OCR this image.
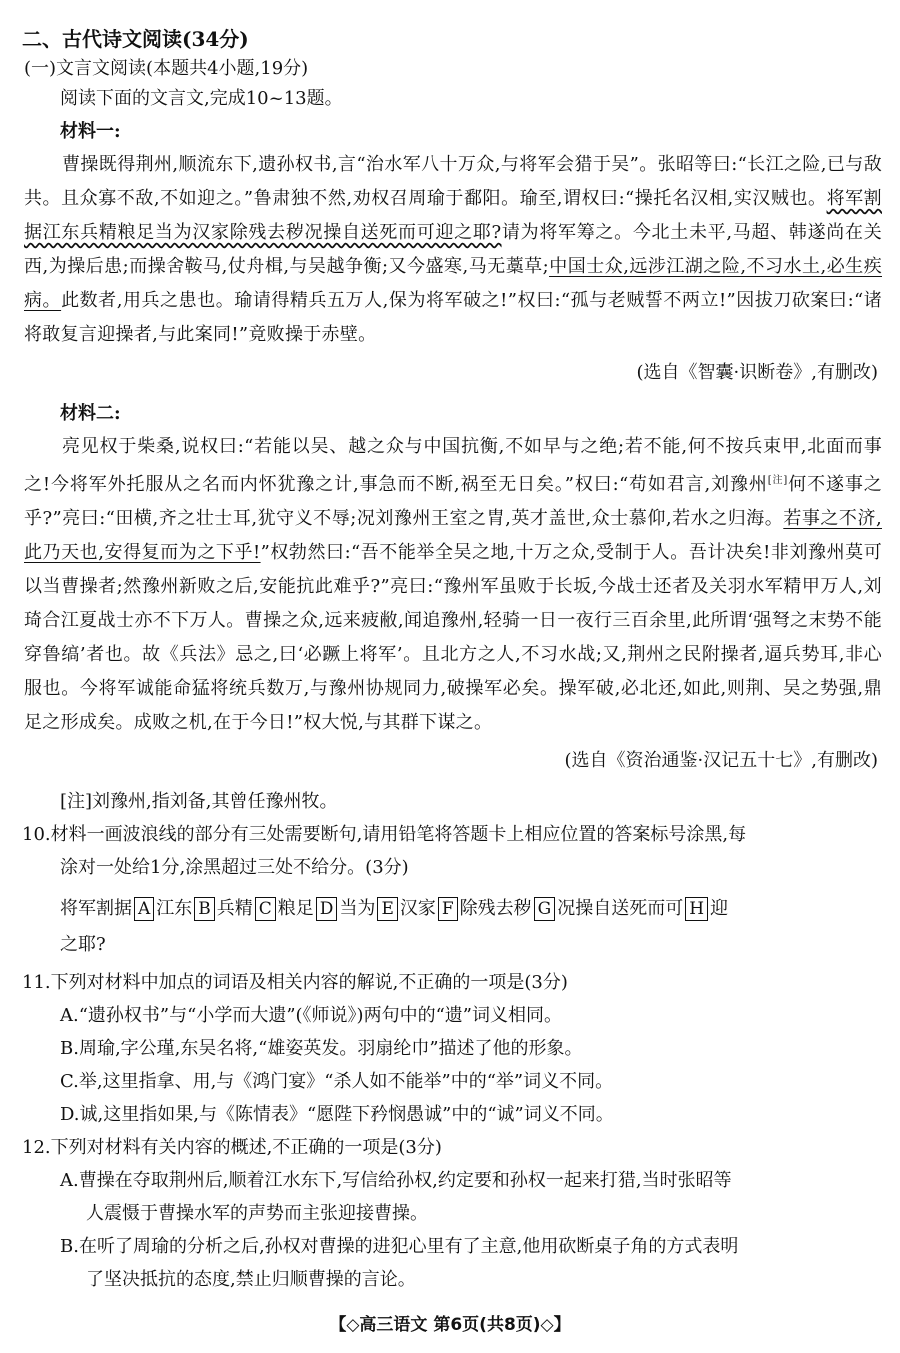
二、古代诗文阅读(34分)

(一)文言文阅读(本题共4小题,19分)

阅读下面的文言文,完成10~13题。

材料一:

曹操既得荆州,顺流东下,遗孙权书,言“治水军八十万众,与将军会猎于吴”。张昭等曰:“长江之险,已与敌共。且众寡不敌,不如迎之。”鲁肃独不然,劝权召周瑜于鄱阳。瑜至,谓权曰:“操托名汉相,实汉贼也。将军割据江东兵精粮足当为汉家除残去秽况操自送死而可迎之耶?请为将军筹之。今北土未平,马超、韩遂尚在关西,为操后患;而操舍鞍马,仗舟楫,与吴越争衡;又今盛寒,马无藁草;中国士众,远涉江湖之险,不习水土,必生疾病。此数者,用兵之患也。瑜请得精兵五万人,保为将军破之!”权曰:“孤与老贼誓不两立!”因拔刀砍案曰:“诸将敢复言迎操者,与此案同!”竟败操于赤壁。

(选自《智囊·识断卷》,有删改)

材料二:

亮见权于柴桑,说权曰:“若能以吴、越之众与中国抗衡,不如早与之绝;若不能,何不按兵束甲,北面而事之!今将军外托服从之名而内怀犹豫之计,事急而不断,祸至无日矣。”权曰:“苟如君言,刘豫州[注]何不遂事之乎?”亮曰:“田横,齐之壮士耳,犹守义不辱;况刘豫州王室之胄,英才盖世,众士慕仰,若水之归海。若事之不济,此乃天也,安得复而为之下乎!”权勃然曰:“吾不能举全吴之地,十万之众,受制于人。吾计决矣!非刘豫州莫可以当曹操者;然豫州新败之后,安能抗此难乎?”亮曰:“豫州军虽败于长坂,今战士还者及关羽水军精甲万人,刘琦合江夏战士亦不下万人。曹操之众,远来疲敝,闻追豫州,轻骑一日一夜行三百余里,此所谓‘强弩之末势不能穿鲁缟’者也。故《兵法》忌之,曰‘必蹶上将军’。且北方之人,不习水战;又,荆州之民附操者,逼兵势耳,非心服也。今将军诚能命猛将统兵数万,与豫州协规同力,破操军必矣。操军破,必北还,如此,则荆、吴之势强,鼎足之形成矣。成败之机,在于今日!”权大悦,与其群下谋之。

(选自《资治通鉴·汉记五十七》,有删改)

[注]刘豫州,指刘备,其曾任豫州牧。

10.材料一画波浪线的部分有三处需要断句,请用铅笔将答题卡上相应位置的答案标号涂黑,每

涂对一处给1分,涂黑超过三处不给分。(3分)

将军割据 A 江东 B 兵精 C 粮足 D 当为 E 汉家 F 除残去秽 G 况操自送死而可 H 迎

之耶?

11.下列对材料中加点的词语及相关内容的解说,不正确的一项是(3分)

A.“遗孙权书”与“小学而大遗”(《师说》)两句中的“遗”词义相同。

B.周瑜,字公瑾,东吴名将,“雄姿英发。羽扇纶巾”描述了他的形象。

C.举,这里指拿、用,与《鸿门宴》“杀人如不能举”中的“举”词义不同。

D.诚,这里指如果,与《陈情表》“愿陛下矜悯愚诚”中的“诚”词义不同。

12.下列对材料有关内容的概述,不正确的一项是(3分)

A.曹操在夺取荆州后,顺着江水东下,写信给孙权,约定要和孙权一起来打猎,当时张昭等

人震慑于曹操水军的声势而主张迎接曹操。

B.在听了周瑜的分析之后,孙权对曹操的进犯心里有了主意,他用砍断桌子角的方式表明

了坚决抵抗的态度,禁止归顺曹操的言论。

【◇高三语文 第6页(共8页)◇】
